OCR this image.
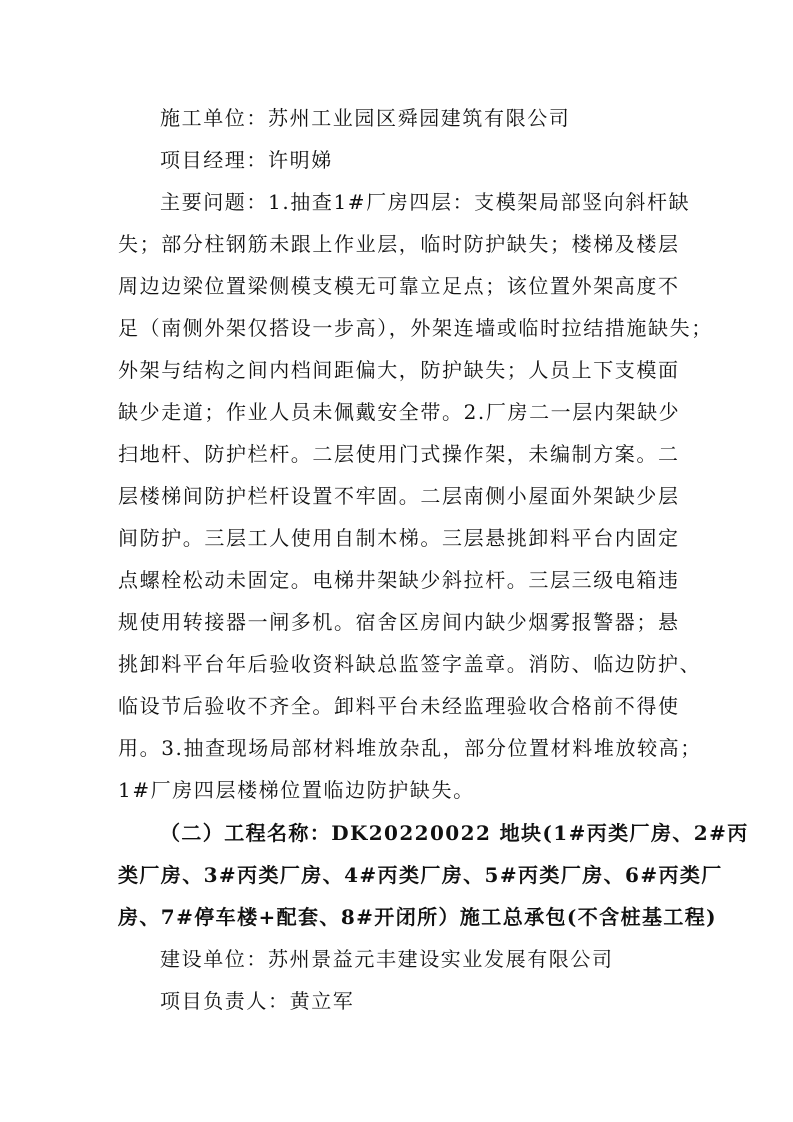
施工单位：苏州工业园区舜园建筑有限公司
项目经理：许明娣
主要问题：1.抽查1#厂房四层：支模架局部竖向斜杆缺
失；部分柱钢筋未跟上作业层，临时防护缺失；楼梯及楼层
周边边梁位置梁侧模支模无可靠立足点；该位置外架高度不
足（南侧外架仅搭设一步高），外架连墙或临时拉结措施缺失；
外架与结构之间内档间距偏大，防护缺失；人员上下支模面
缺少走道；作业人员未佩戴安全带。2.厂房二一层内架缺少
扫地杆、防护栏杆。二层使用门式操作架，未编制方案。二
层楼梯间防护栏杆设置不牢固。二层南侧小屋面外架缺少层
间防护。三层工人使用自制木梯。三层悬挑卸料平台内固定
点螺栓松动未固定。电梯井架缺少斜拉杆。三层三级电箱违
规使用转接器一闸多机。宿舍区房间内缺少烟雾报警器；悬
挑卸料平台年后验收资料缺总监签字盖章。消防、临边防护、
临设节后验收不齐全。卸料平台未经监理验收合格前不得使
用。3.抽查现场局部材料堆放杂乱，部分位置材料堆放较高；
1#厂房四层楼梯位置临边防护缺失。
（二）工程名称：DK20220022 地块(1#丙类厂房、2#丙
类厂房、3#丙类厂房、4#丙类厂房、5#丙类厂房、6#丙类厂
房、7#停车楼+配套、8#开闭所）施工总承包(不含桩基工程)
建设单位：苏州景益元丰建设实业发展有限公司
项目负责人：黄立军
